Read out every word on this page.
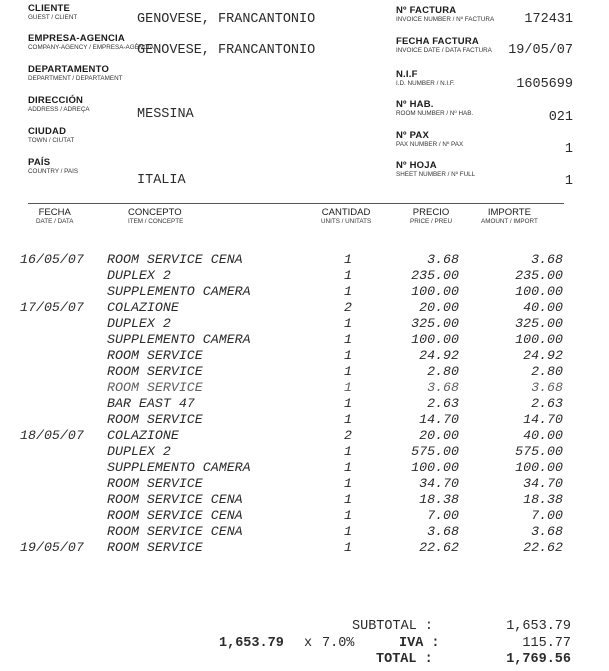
CLIENTE
GUEST / CLIENT	GENOVESE, FRANCANTONIO
EMPRESA-AGENCIA
COMPANY-AGENCY / EMPRESA-AGÈNCIA
GENOVESE, FRANCANTONIO
DEPARTAMENTO
DEPARTMENT / DEPARTAMENT
DIRECCIÓN
ADDRESS / ADREÇA	MESSINA
CIUDAD
TOWN / CIUTAT
PAÍS
COUNTRY / PAIS
ITALIA
Nº FACTURA
INVOICE NUMBER / Nº FACTURA 172431
FECHA FACTURA
INVOICE DATE / DATA FACTURA 19/05/07
N.I.F
I.D. NUMBER / N.I.F.	1605699
Nº HAB.
ROOM NUMBER / Nº HAB.	021
Nº PAX
PAX NUMBER / Nº PAX	1
Nº HOJA
SHEET NUMBER / Nº FULL	1
FECHA
DATE / DATA
CONCEPTO
ITEM / CONCEPTE
CANTIDAD
UNITS / UNITATS
PRECIO
PRICE / PREU
IMPORTE
AMOUNT / IMPORT
16/05/07 ROOM SERVICE CENA	1	3.68	3.68
DUPLEX 2	1	235.00	235.00
SUPPLEMENTO CAMERA	1	100.00	100.00
17/05/07 COLAZIONE	2	20.00	40.00
DUPLEX 2	1	325.00	325.00
SUPPLEMENTO CAMERA	1	100.00	100.00
ROOM SERVICE	1	24.92	24.92
ROOM SERVICE	1	2.80	2.80
ROOM SERVICE	1	3.68	3.68
BAR EAST 47	1	2.63	2.63
ROOM SERVICE	1	14.70	14.70
18/05/07 COLAZIONE	2	20.00	40.00
DUPLEX 2	1	575.00	575.00
SUPPLEMENTO CAMERA	1	100.00	100.00
ROOM SERVICE	1	34.70	34.70
ROOM SERVICE CENA	1	18.38	18.38
ROOM SERVICE CENA	1	7.00	7.00
ROOM SERVICE CENA	1	3.68	3.68
19/05/07 ROOM SERVICE	1	22.62	22.62
SUBTOTAL :	1,653.79
1,653.79 x 7.0%	IVA :	115.77
TOTAL :	1,769.56
